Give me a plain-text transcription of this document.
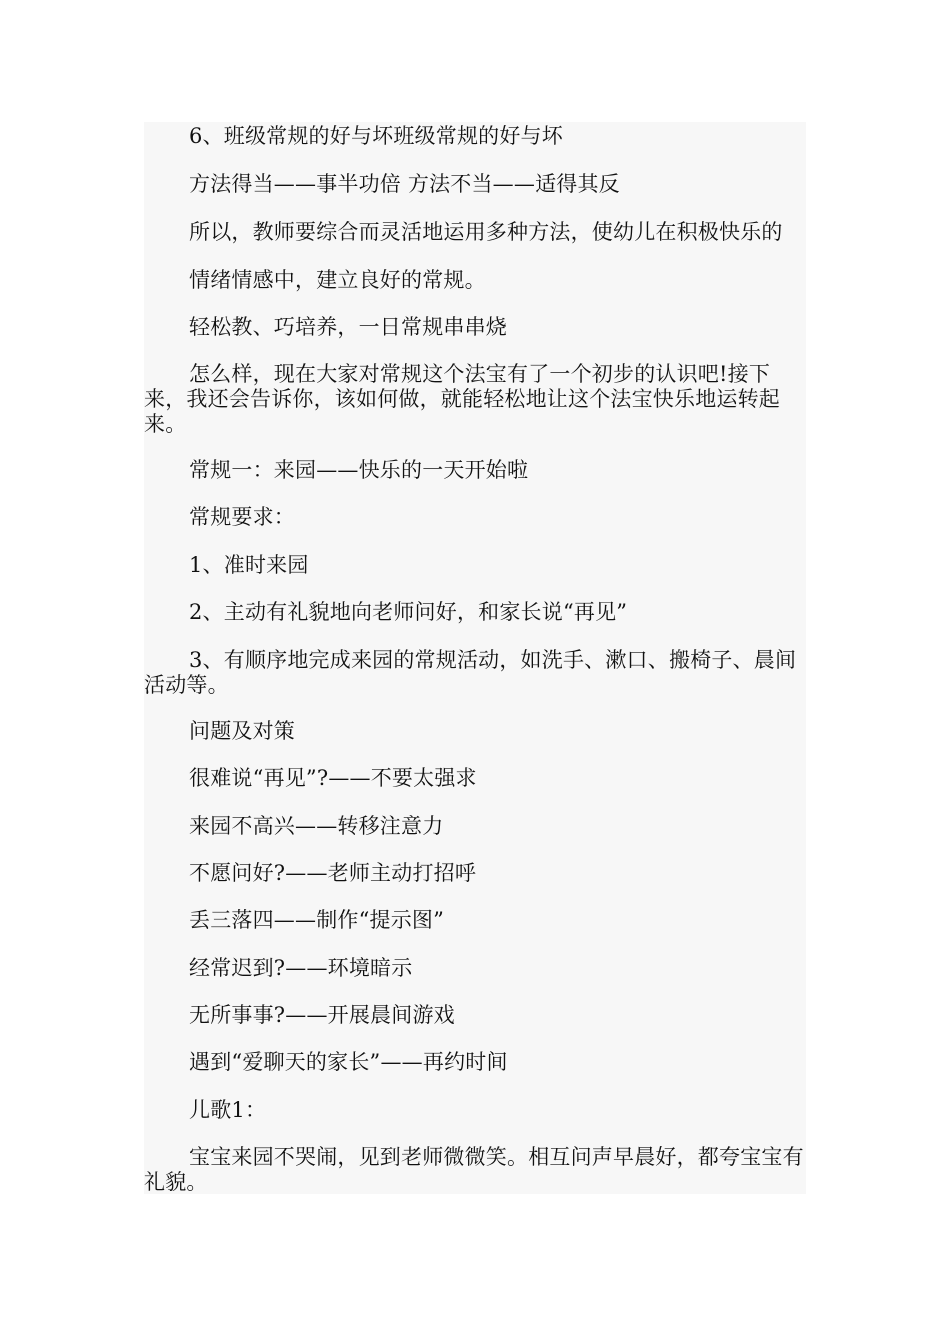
6、班级常规的好与坏班级常规的好与坏

方法得当——事半功倍 方法不当——适得其反

所以，教师要综合而灵活地运用多种方法，使幼儿在积极快乐的

情绪情感中，建立良好的常规。

轻松教、巧培养，一日常规串串烧

怎么样，现在大家对常规这个法宝有了一个初步的认识吧!接下来，我还会告诉你，该如何做，就能轻松地让这个法宝快乐地运转起来。

常规一：来园——快乐的一天开始啦

常规要求：

1、准时来园

2、主动有礼貌地向老师问好，和家长说“再见”

3、有顺序地完成来园的常规活动，如洗手、漱口、搬椅子、晨间活动等。

问题及对策

很难说“再见”?——不要太强求

来园不高兴——转移注意力

不愿问好?——老师主动打招呼

丢三落四——制作“提示图”

经常迟到?——环境暗示

无所事事?——开展晨间游戏

遇到“爱聊天的家长”——再约时间

儿歌1：

宝宝来园不哭闹，见到老师微微笑。相互问声早晨好，都夸宝宝有礼貌。
